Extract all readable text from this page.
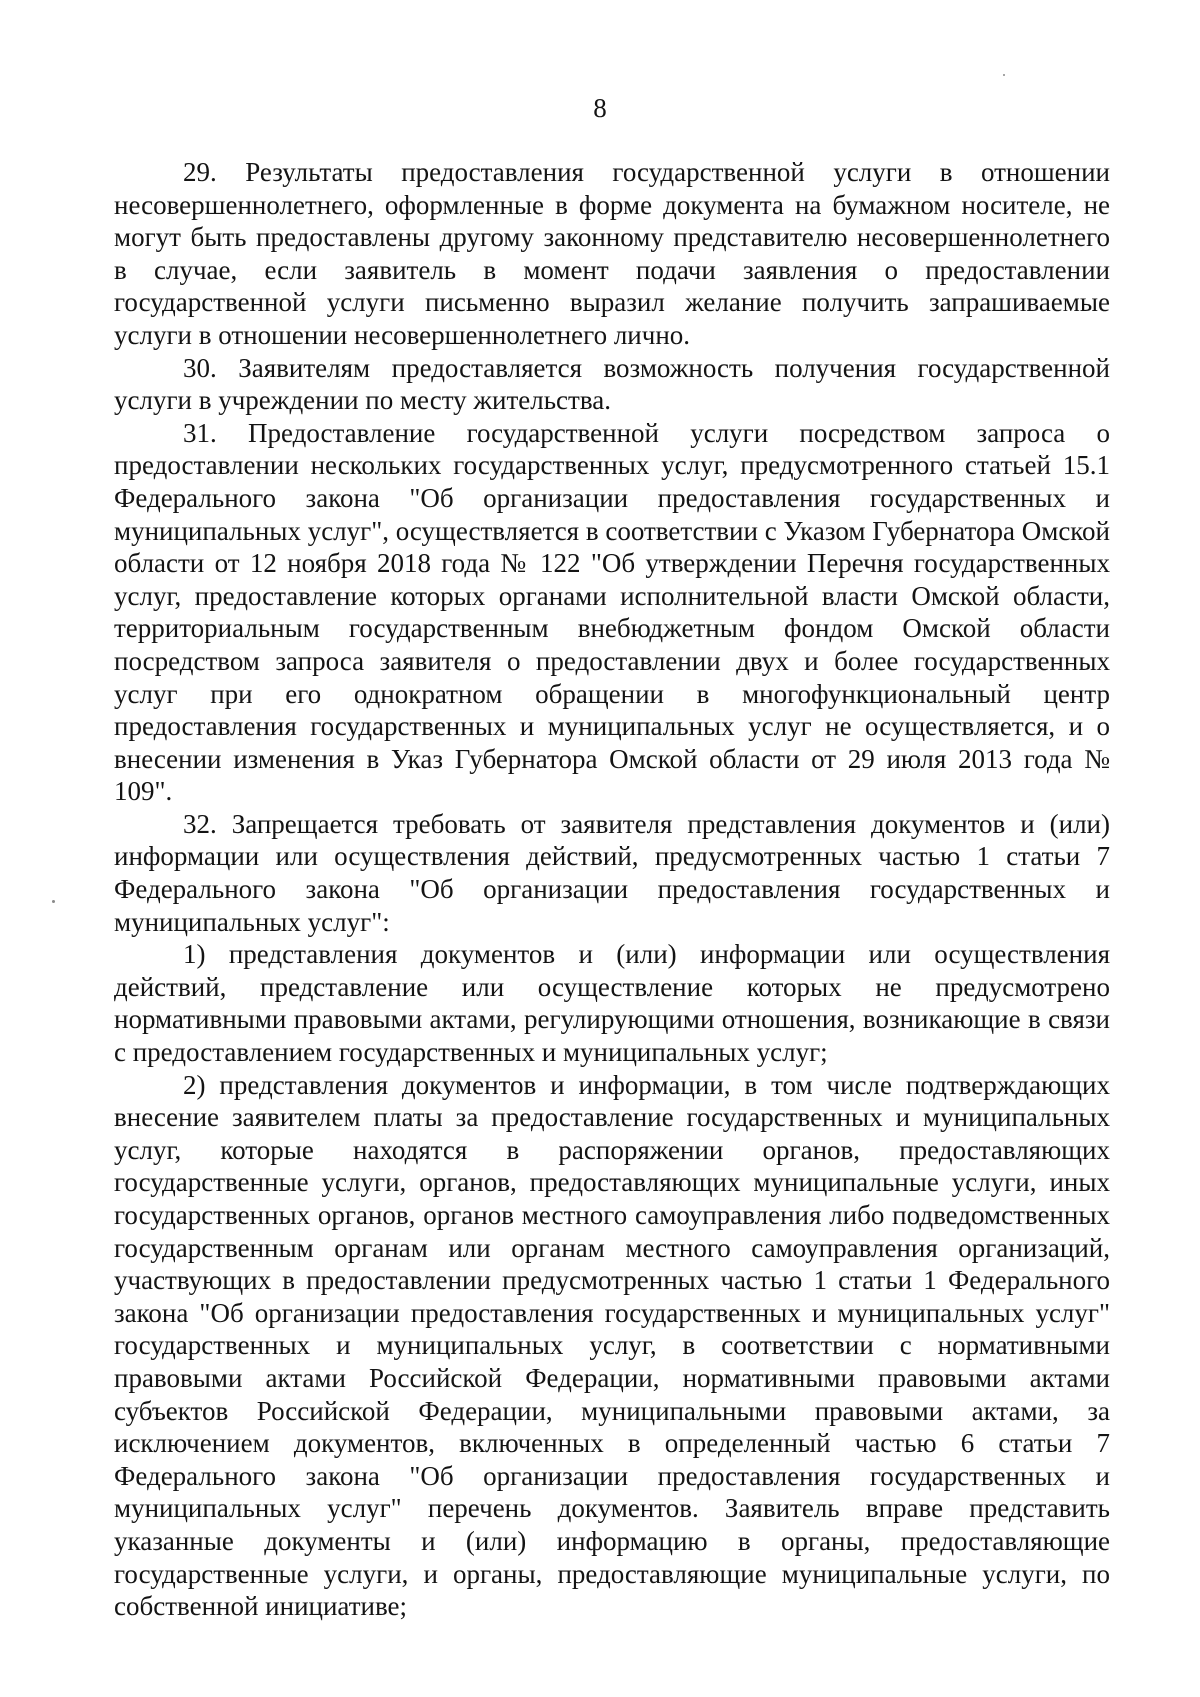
8

29. Результаты предоставления государственной услуги в отношении несовершеннолетнего, оформленные в форме документа на бумажном носителе, не могут быть предоставлены другому законному представителю несовершеннолетнего в случае, если заявитель в момент подачи заявления о предоставлении государственной услуги письменно выразил желание получить запрашиваемые услуги в отношении несовершеннолетнего лично.

30. Заявителям предоставляется возможность получения государственной услуги в учреждении по месту жительства.

31. Предоставление государственной услуги посредством запроса о предоставлении нескольких государственных услуг, предусмотренного статьей 15.1 Федерального закона "Об организации предоставления государственных и муниципальных услуг", осуществляется в соответствии с Указом Губернатора Омской области от 12 ноября 2018 года № 122 "Об утверждении Перечня государственных услуг, предоставление которых органами исполнительной власти Омской области, территориальным государственным внебюджетным фондом Омской области посредством запроса заявителя о предоставлении двух и более государственных услуг при его однократном обращении в многофункциональный центр предоставления государственных и муниципальных услуг не осуществляется, и о внесении изменения в Указ Губернатора Омской области от 29 июля 2013 года № 109".

32. Запрещается требовать от заявителя представления документов и (или) информации или осуществления действий, предусмотренных частью 1 статьи 7 Федерального закона "Об организации предоставления государственных и муниципальных услуг":

1) представления документов и (или) информации или осуществления действий, представление или осуществление которых не предусмотрено нормативными правовыми актами, регулирующими отношения, возникающие в связи с предоставлением государственных и муниципальных услуг;

2) представления документов и информации, в том числе подтверждающих внесение заявителем платы за предоставление государственных и муниципальных услуг, которые находятся в распоряжении органов, предоставляющих государственные услуги, органов, предоставляющих муниципальные услуги, иных государственных органов, органов местного самоуправления либо подведомственных государственным органам или органам местного самоуправления организаций, участвующих в предоставлении предусмотренных частью 1 статьи 1 Федерального закона "Об организации предоставления государственных и муниципальных услуг" государственных и муниципальных услуг, в соответствии с нормативными правовыми актами Российской Федерации, нормативными правовыми актами субъектов Российской Федерации, муниципальными правовыми актами, за исключением документов, включенных в определенный частью 6 статьи 7 Федерального закона "Об организации предоставления государственных и муниципальных услуг" перечень документов. Заявитель вправе представить указанные документы и (или) информацию в органы, предоставляющие государственные услуги, и органы, предоставляющие муниципальные услуги, по собственной инициативе;
